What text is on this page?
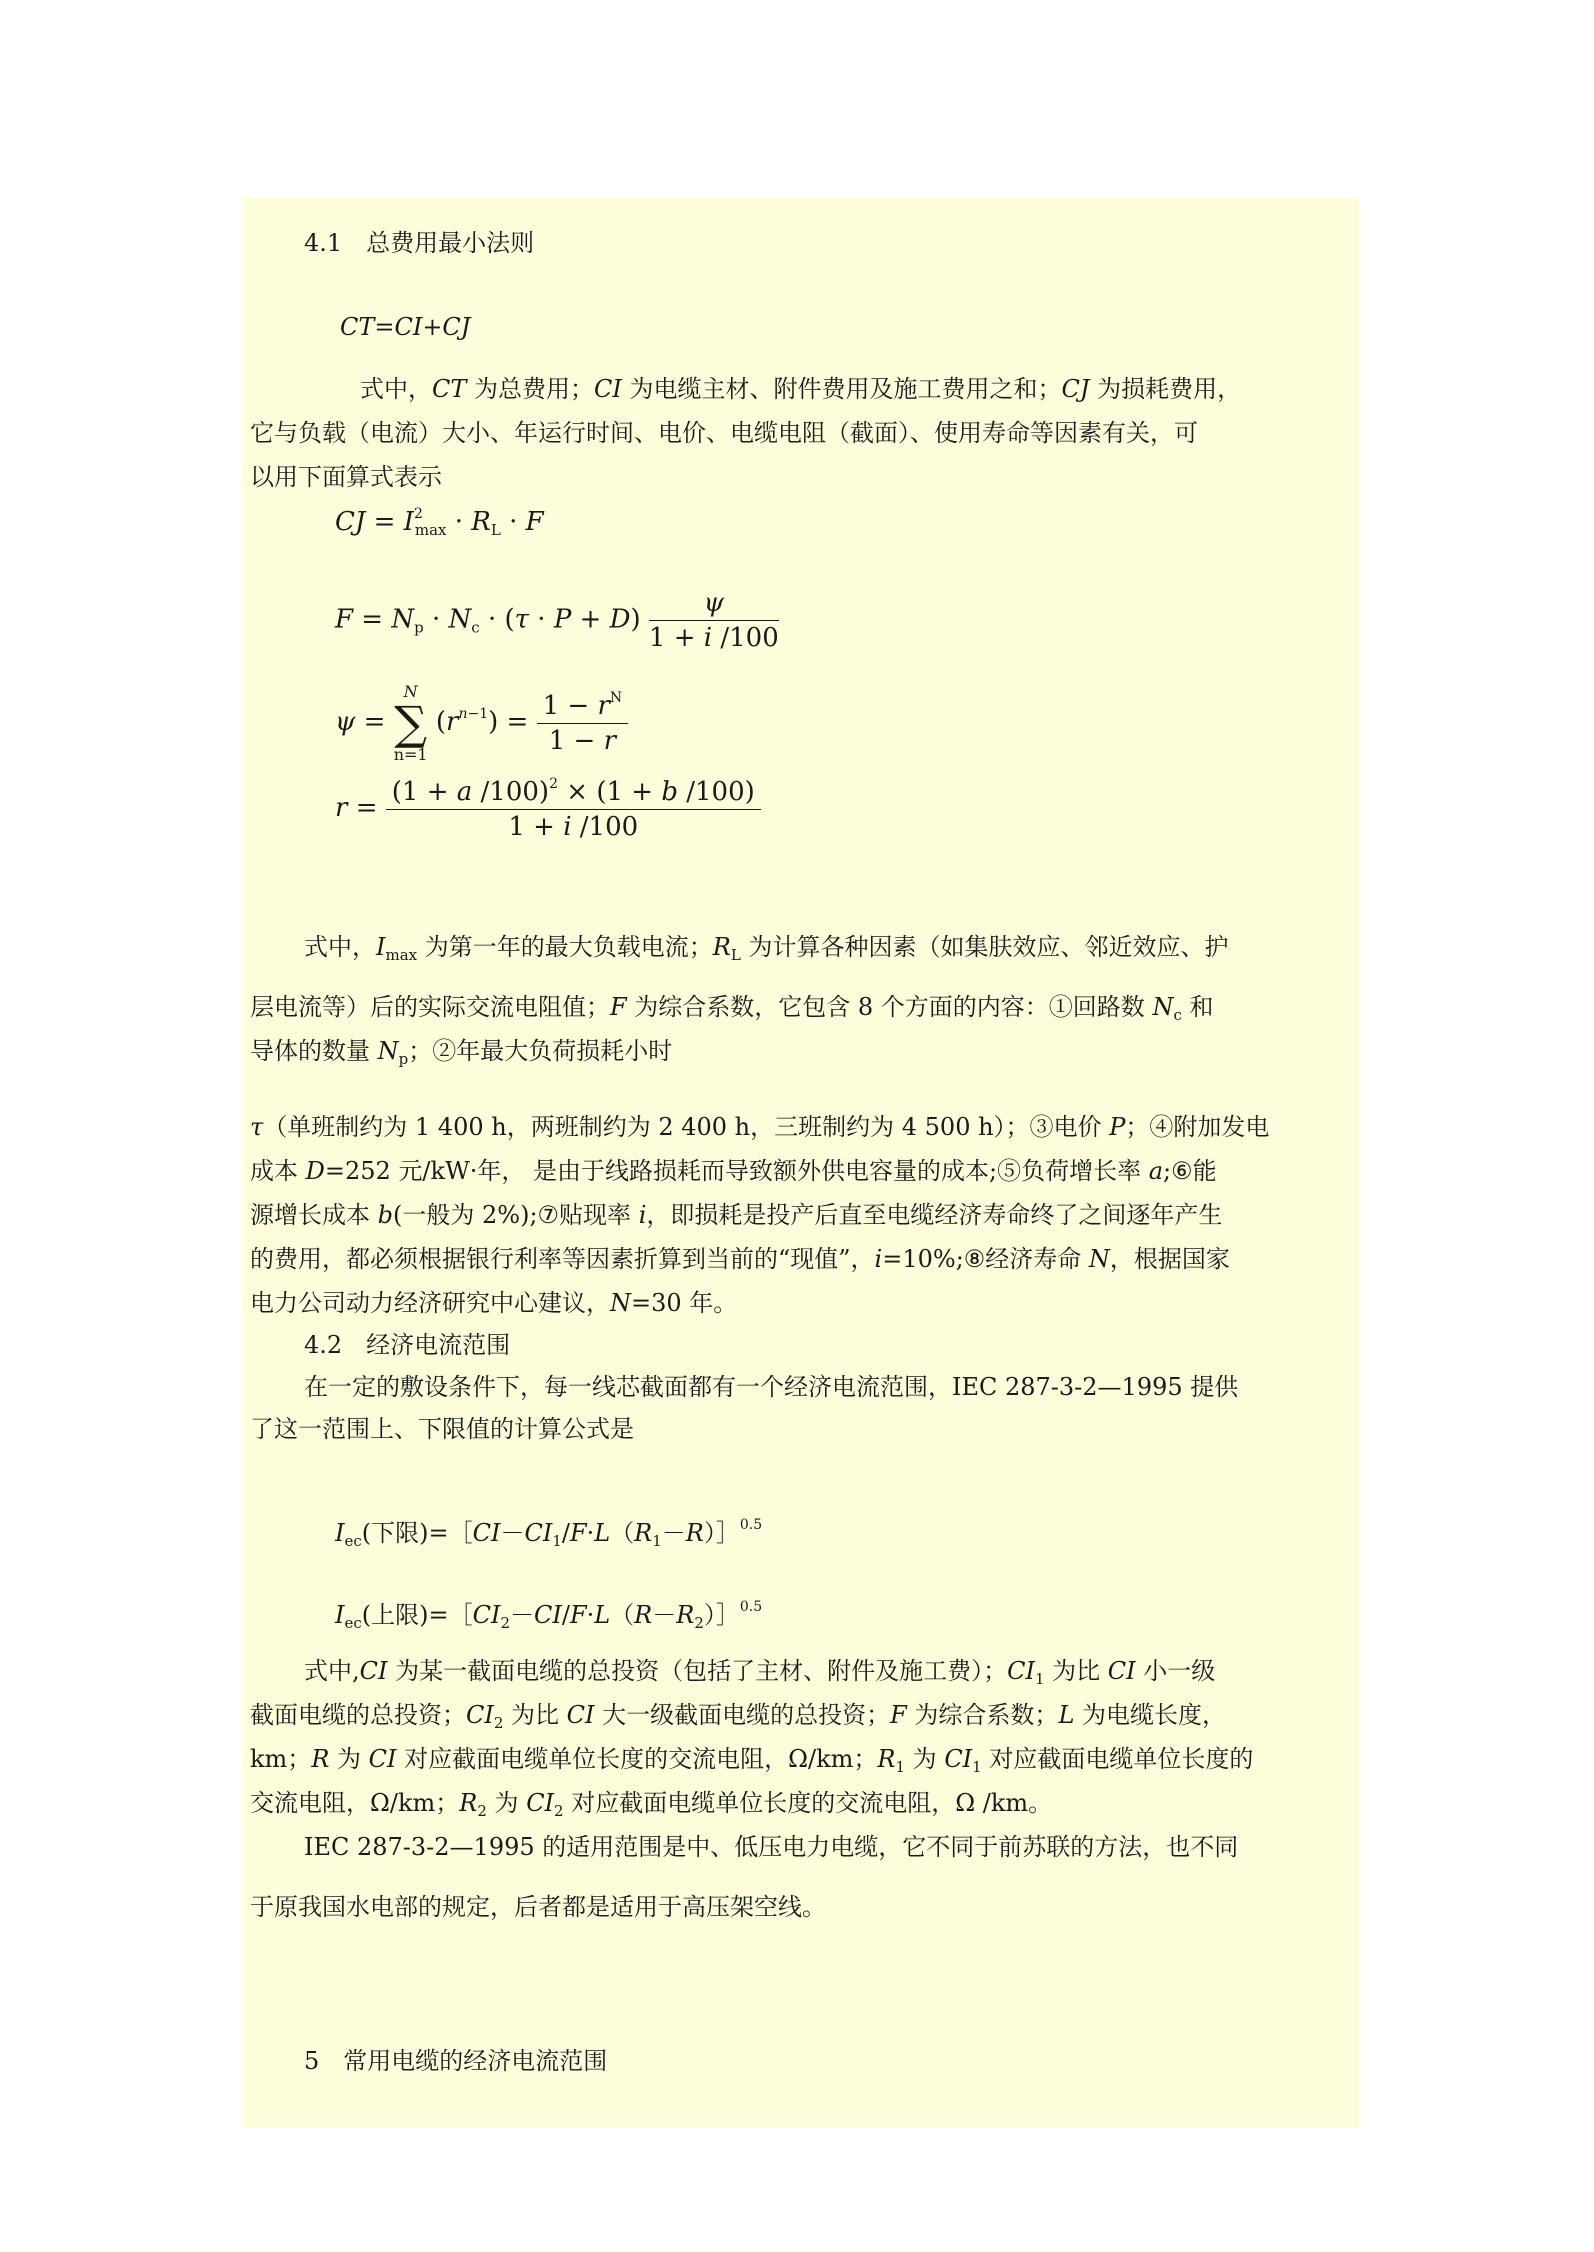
4.1　总费用最小法则
CT=CI+CJ
式中，CT 为总费用；CI 为电缆主材、附件费用及施工费用之和；CJ 为损耗费用，
它与负载（电流）大小、年运行时间、电价、电缆电阻（截面）、使用寿命等因素有关，可
以用下面算式表示
CJ = $I^2_{max} \cdot R_L \cdot F$
$F = N_p \cdot N_c \cdot (\tau \cdot P + D) \frac{\psi}{1 + i /100}$
ψ = N
∑
n=1 $(r^{n-1}) = \frac{1 - r^N}{1 - r}$
$r = \frac{(1 + a /100)^2 \times (1 + b /100)}{1 + i /100}$
式中，$I_{max}$ 为第一年的最大负载电流；$R_L$ 为计算各种因素（如集肤效应、邻近效应、护
层电流等）后的实际交流电阻值；F 为综合系数，它包含 8 个方面的内容：①回路数 $N_c$ 和
导体的数量 $N_p$；②年最大负荷损耗小时
τ（单班制约为 1 400 h，两班制约为 2 400 h，三班制约为 4 500 h）；③电价 P；④附加发电
成本 D=252 元/kW·年， 是由于线路损耗而导致额外供电容量的成本;⑤负荷增长率 a;⑥能
源增长成本 b(一般为 2%);⑦贴现率 i，即损耗是投产后直至电缆经济寿命终了之间逐年产生
的费用，都必须根据银行利率等因素折算到当前的“现值”，i=10%;⑧经济寿命 N，根据国家
电力公司动力经济研究中心建议，N=30 年。
4.2　经济电流范围
在一定的敷设条件下，每一线芯截面都有一个经济电流范围，IEC 287-3-2—1995 提供
了这一范围上、下限值的计算公式是
$I_{ec}$(下限)$=[CI-CI_1/F\cdot L(R_1-R)]^{0.5}$
$I_{ec}$(上限)$=[CI_2-CI/F\cdot L(R-R_2)]^{0.5}$
式中,CI 为某一截面电缆的总投资（包括了主材、附件及施工费）；$CI_1$ 为比 CI 小一级
截面电缆的总投资；$CI_2$ 为比 CI 大一级截面电缆的总投资；F 为综合系数；L 为电缆长度，
km；R 为 CI 对应截面电缆单位长度的交流电阻，Ω/km；$R_1$ 为 $CI_1$ 对应截面电缆单位长度的
交流电阻，Ω/km；$R_2$ 为 $CI_2$ 对应截面电缆单位长度的交流电阻，Ω /km。
IEC 287-3-2—1995 的适用范围是中、低压电力电缆，它不同于前苏联的方法，也不同
于原我国水电部的规定，后者都是适用于高压架空线。
5　常用电缆的经济电流范围
